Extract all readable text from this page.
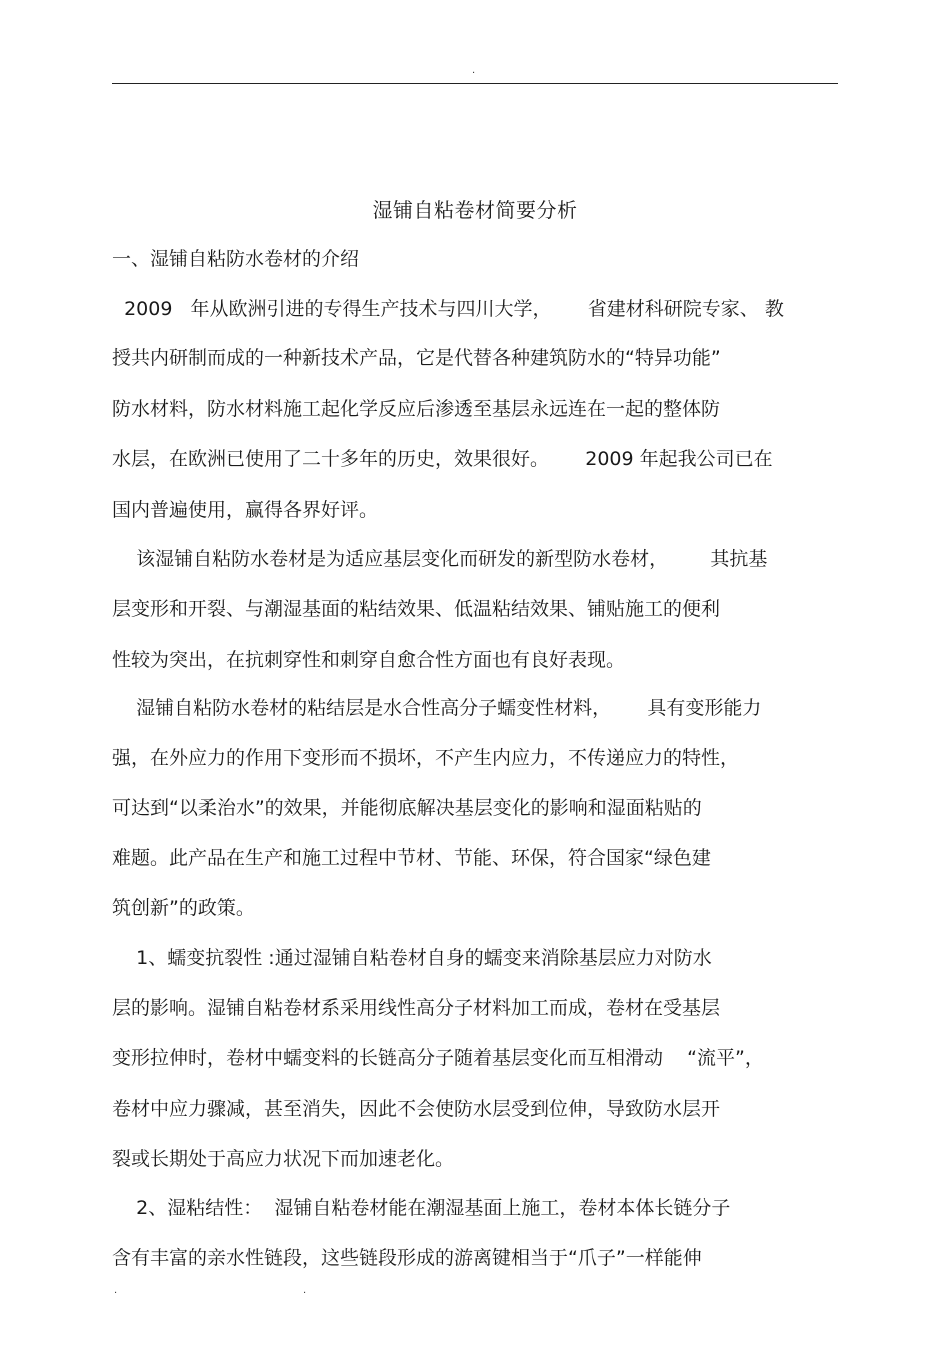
.
湿铺自粘卷材简要分析
一、湿铺自粘防水卷材的介绍
2009   年从欧洲引进的专得生产技术与四川大学，      省建材科研院专家、 教
授共内研制而成的一种新技术产品，它是代替各种建筑防水的“特异功能”
防水材料，防水材料施工起化学反应后渗透至基层永远连在一起的整体防
水层，在欧洲已使用了二十多年的历史，效果很好。      2009 年起我公司已在
国内普遍使用，赢得各界好评。
该湿铺自粘防水卷材是为适应基层变化而研发的新型防水卷材，       其抗基
层变形和开裂、与潮湿基面的粘结效果、低温粘结效果、铺贴施工的便利
性较为突出，在抗刺穿性和刺穿自愈合性方面也有良好表现。
湿铺自粘防水卷材的粘结层是水合性高分子蠕变性材料，      具有变形能力
强，在外应力的作用下变形而不损坏，不产生内应力，不传递应力的特性，
可达到“以柔治水”的效果，并能彻底解决基层变化的影响和湿面粘贴的
难题。此产品在生产和施工过程中节材、节能、环保，符合国家“绿色建
筑创新”的政策。
1、蠕变抗裂性 :通过湿铺自粘卷材自身的蠕变来消除基层应力对防水
层的影响。湿铺自粘卷材系采用线性高分子材料加工而成，卷材在受基层
变形拉伸时，卷材中蠕变料的长链高分子随着基层变化而互相滑动    “流平”，
卷材中应力骤减，甚至消失，因此不会使防水层受到位伸，导致防水层开
裂或长期处于高应力状况下而加速老化。
2、湿粘结性：  湿铺自粘卷材能在潮湿基面上施工，卷材本体长链分子
含有丰富的亲水性链段，这些链段形成的游离键相当于“爪子”一样能伸
.	.
